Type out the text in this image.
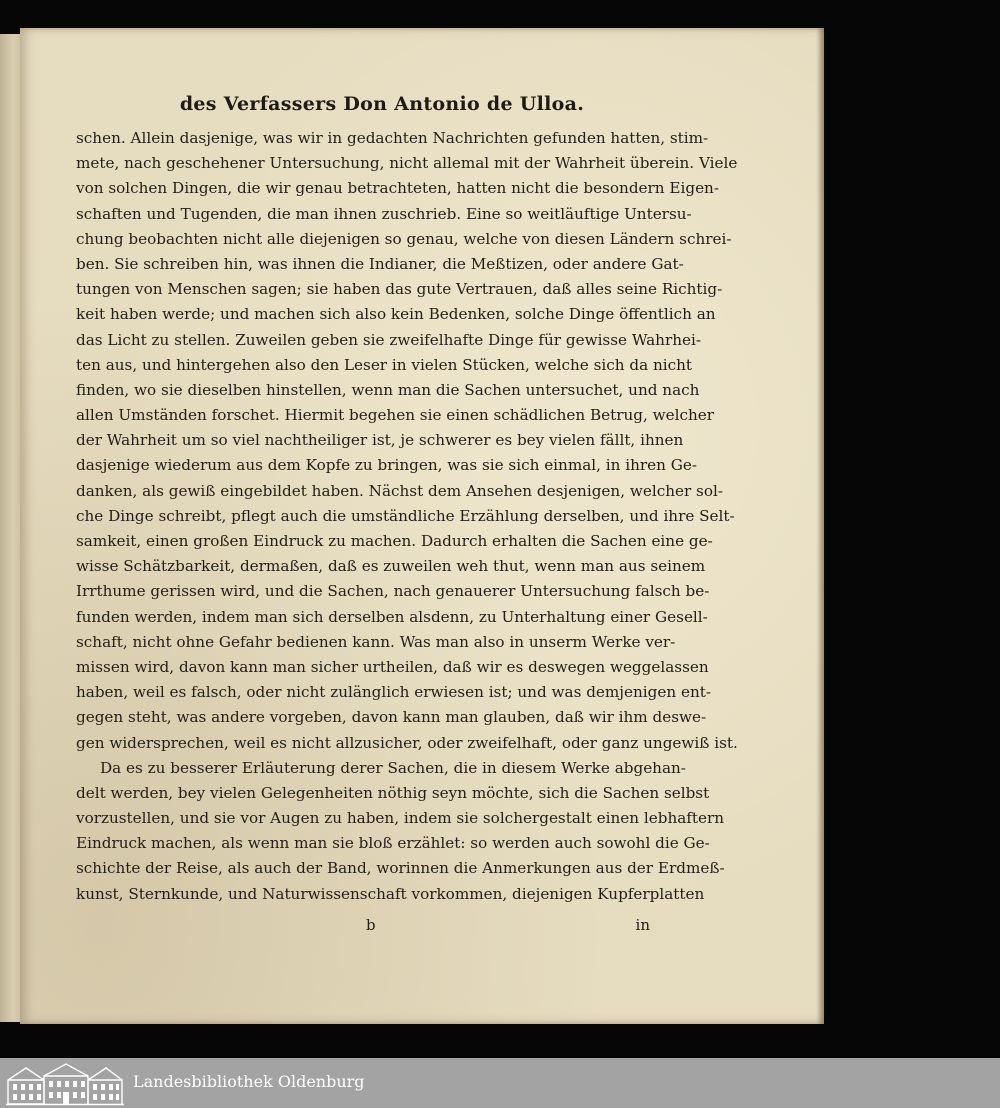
des Verfassers Don Antonio de Ulloa.
schen. Allein dasjenige, was wir in gedachten Nachrichten gefunden hatten, stim-
mete, nach geschehener Untersuchung, nicht allemal mit der Wahrheit überein. Viele
von solchen Dingen, die wir genau betrachteten, hatten nicht die besondern Eigen-
schaften und Tugenden, die man ihnen zuschrieb. Eine so weitläuftige Untersu-
chung beobachten nicht alle diejenigen so genau, welche von diesen Ländern schrei-
ben. Sie schreiben hin, was ihnen die Indianer, die Meßtizen, oder andere Gat-
tungen von Menschen sagen; sie haben das gute Vertrauen, daß alles seine Richtig-
keit haben werde; und machen sich also kein Bedenken, solche Dinge öffentlich an
das Licht zu stellen. Zuweilen geben sie zweifelhafte Dinge für gewisse Wahrhei-
ten aus, und hintergehen also den Leser in vielen Stücken, welche sich da nicht
finden, wo sie dieselben hinstellen, wenn man die Sachen untersuchet, und nach
allen Umständen forschet. Hiermit begehen sie einen schädlichen Betrug, welcher
der Wahrheit um so viel nachtheiliger ist, je schwerer es bey vielen fällt, ihnen
dasjenige wiederum aus dem Kopfe zu bringen, was sie sich einmal, in ihren Ge-
danken, als gewiß eingebildet haben. Nächst dem Ansehen desjenigen, welcher sol-
che Dinge schreibt, pflegt auch die umständliche Erzählung derselben, und ihre Selt-
samkeit, einen großen Eindruck zu machen. Dadurch erhalten die Sachen eine ge-
wisse Schätzbarkeit, dermaßen, daß es zuweilen weh thut, wenn man aus seinem
Irrthume gerissen wird, und die Sachen, nach genauerer Untersuchung falsch be-
funden werden, indem man sich derselben alsdenn, zu Unterhaltung einer Gesell-
schaft, nicht ohne Gefahr bedienen kann. Was man also in unserm Werke ver-
missen wird, davon kann man sicher urtheilen, daß wir es deswegen weggelassen
haben, weil es falsch, oder nicht zulänglich erwiesen ist; und was demjenigen ent-
gegen steht, was andere vorgeben, davon kann man glauben, daß wir ihm deswe-
gen widersprechen, weil es nicht allzusicher, oder zweifelhaft, oder ganz ungewiß ist.
Da es zu besserer Erläuterung derer Sachen, die in diesem Werke abgehan-
delt werden, bey vielen Gelegenheiten nöthig seyn möchte, sich die Sachen selbst
vorzustellen, und sie vor Augen zu haben, indem sie solchergestalt einen lebhaftern
Eindruck machen, als wenn man sie bloß erzählet: so werden auch sowohl die Ge-
schichte der Reise, als auch der Band, worinnen die Anmerkungen aus der Erdmeß-
kunst, Sternkunde, und Naturwissenschaft vorkommen, diejenigen Kupferplatten
b	in
Landesbibliothek Oldenburg
